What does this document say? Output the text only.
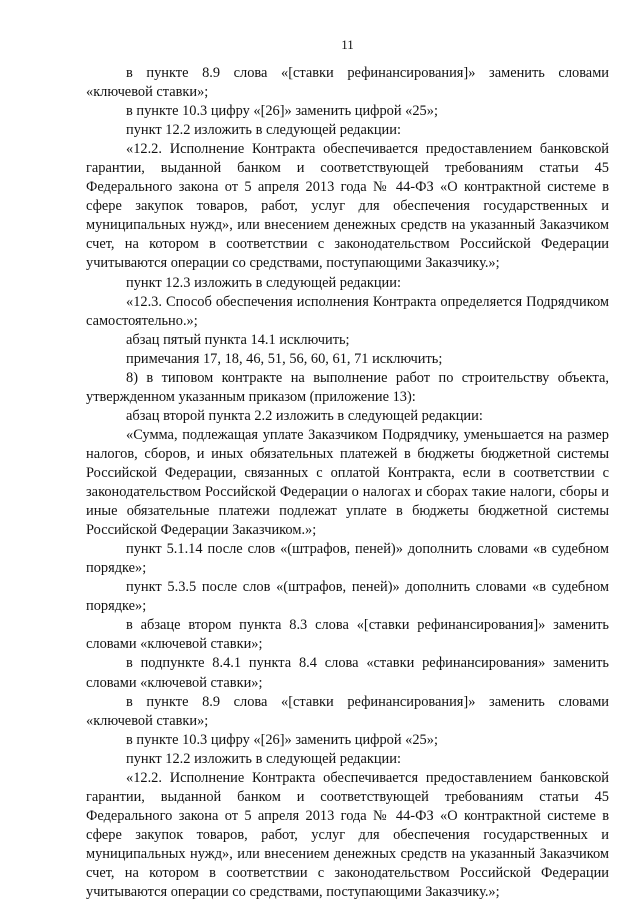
11

в пункте 8.9 слова «[ставки рефинансирования]» заменить словами «ключевой ставки»;

в пункте 10.3 цифру «[26]» заменить цифрой «25»;

пункт 12.2 изложить в следующей редакции:

«12.2. Исполнение Контракта обеспечивается предоставлением банковской гарантии, выданной банком и соответствующей требованиям статьи 45 Федерального закона от 5 апреля 2013 года № 44-ФЗ «О контрактной системе в сфере закупок товаров, работ, услуг для обеспечения государственных и муниципальных нужд», или внесением денежных средств на указанный Заказчиком счет, на котором в соответствии с законодательством Российской Федерации учитываются операции со средствами, поступающими Заказчику.»;

пункт 12.3 изложить в следующей редакции:

«12.3. Способ обеспечения исполнения Контракта определяется Подрядчиком самостоятельно.»;

абзац пятый пункта 14.1 исключить;

примечания 17, 18, 46, 51, 56, 60, 61, 71 исключить;

8) в типовом контракте на выполнение работ по строительству объекта, утвержденном указанным приказом (приложение 13):

абзац второй пункта 2.2 изложить в следующей редакции:

«Сумма, подлежащая уплате Заказчиком Подрядчику, уменьшается на размер налогов, сборов, и иных обязательных платежей в бюджеты бюджетной системы Российской Федерации, связанных с оплатой Контракта, если в соответствии с законодательством Российской Федерации о налогах и сборах такие налоги, сборы и иные обязательные платежи подлежат уплате в бюджеты бюджетной системы Российской Федерации Заказчиком.»;

пункт 5.1.14 после слов «(штрафов, пеней)» дополнить словами «в судебном порядке»;

пункт 5.3.5 после слов «(штрафов, пеней)» дополнить словами «в судебном порядке»;

в абзаце втором пункта 8.3 слова «[ставки рефинансирования]» заменить словами «ключевой ставки»;

в подпункте 8.4.1 пункта 8.4 слова «ставки рефинансирования» заменить словами «ключевой ставки»;

в пункте 8.9 слова «[ставки рефинансирования]» заменить словами «ключевой ставки»;

в пункте 10.3 цифру «[26]» заменить цифрой «25»;

пункт 12.2 изложить в следующей редакции:

«12.2. Исполнение Контракта обеспечивается предоставлением банковской гарантии, выданной банком и соответствующей требованиям статьи 45 Федерального закона от 5 апреля 2013 года № 44-ФЗ «О контрактной системе в сфере закупок товаров, работ, услуг для обеспечения государственных и муниципальных нужд», или внесением денежных средств на указанный Заказчиком счет, на котором в соответствии с законодательством Российской Федерации учитываются операции со средствами, поступающими Заказчику.»;
